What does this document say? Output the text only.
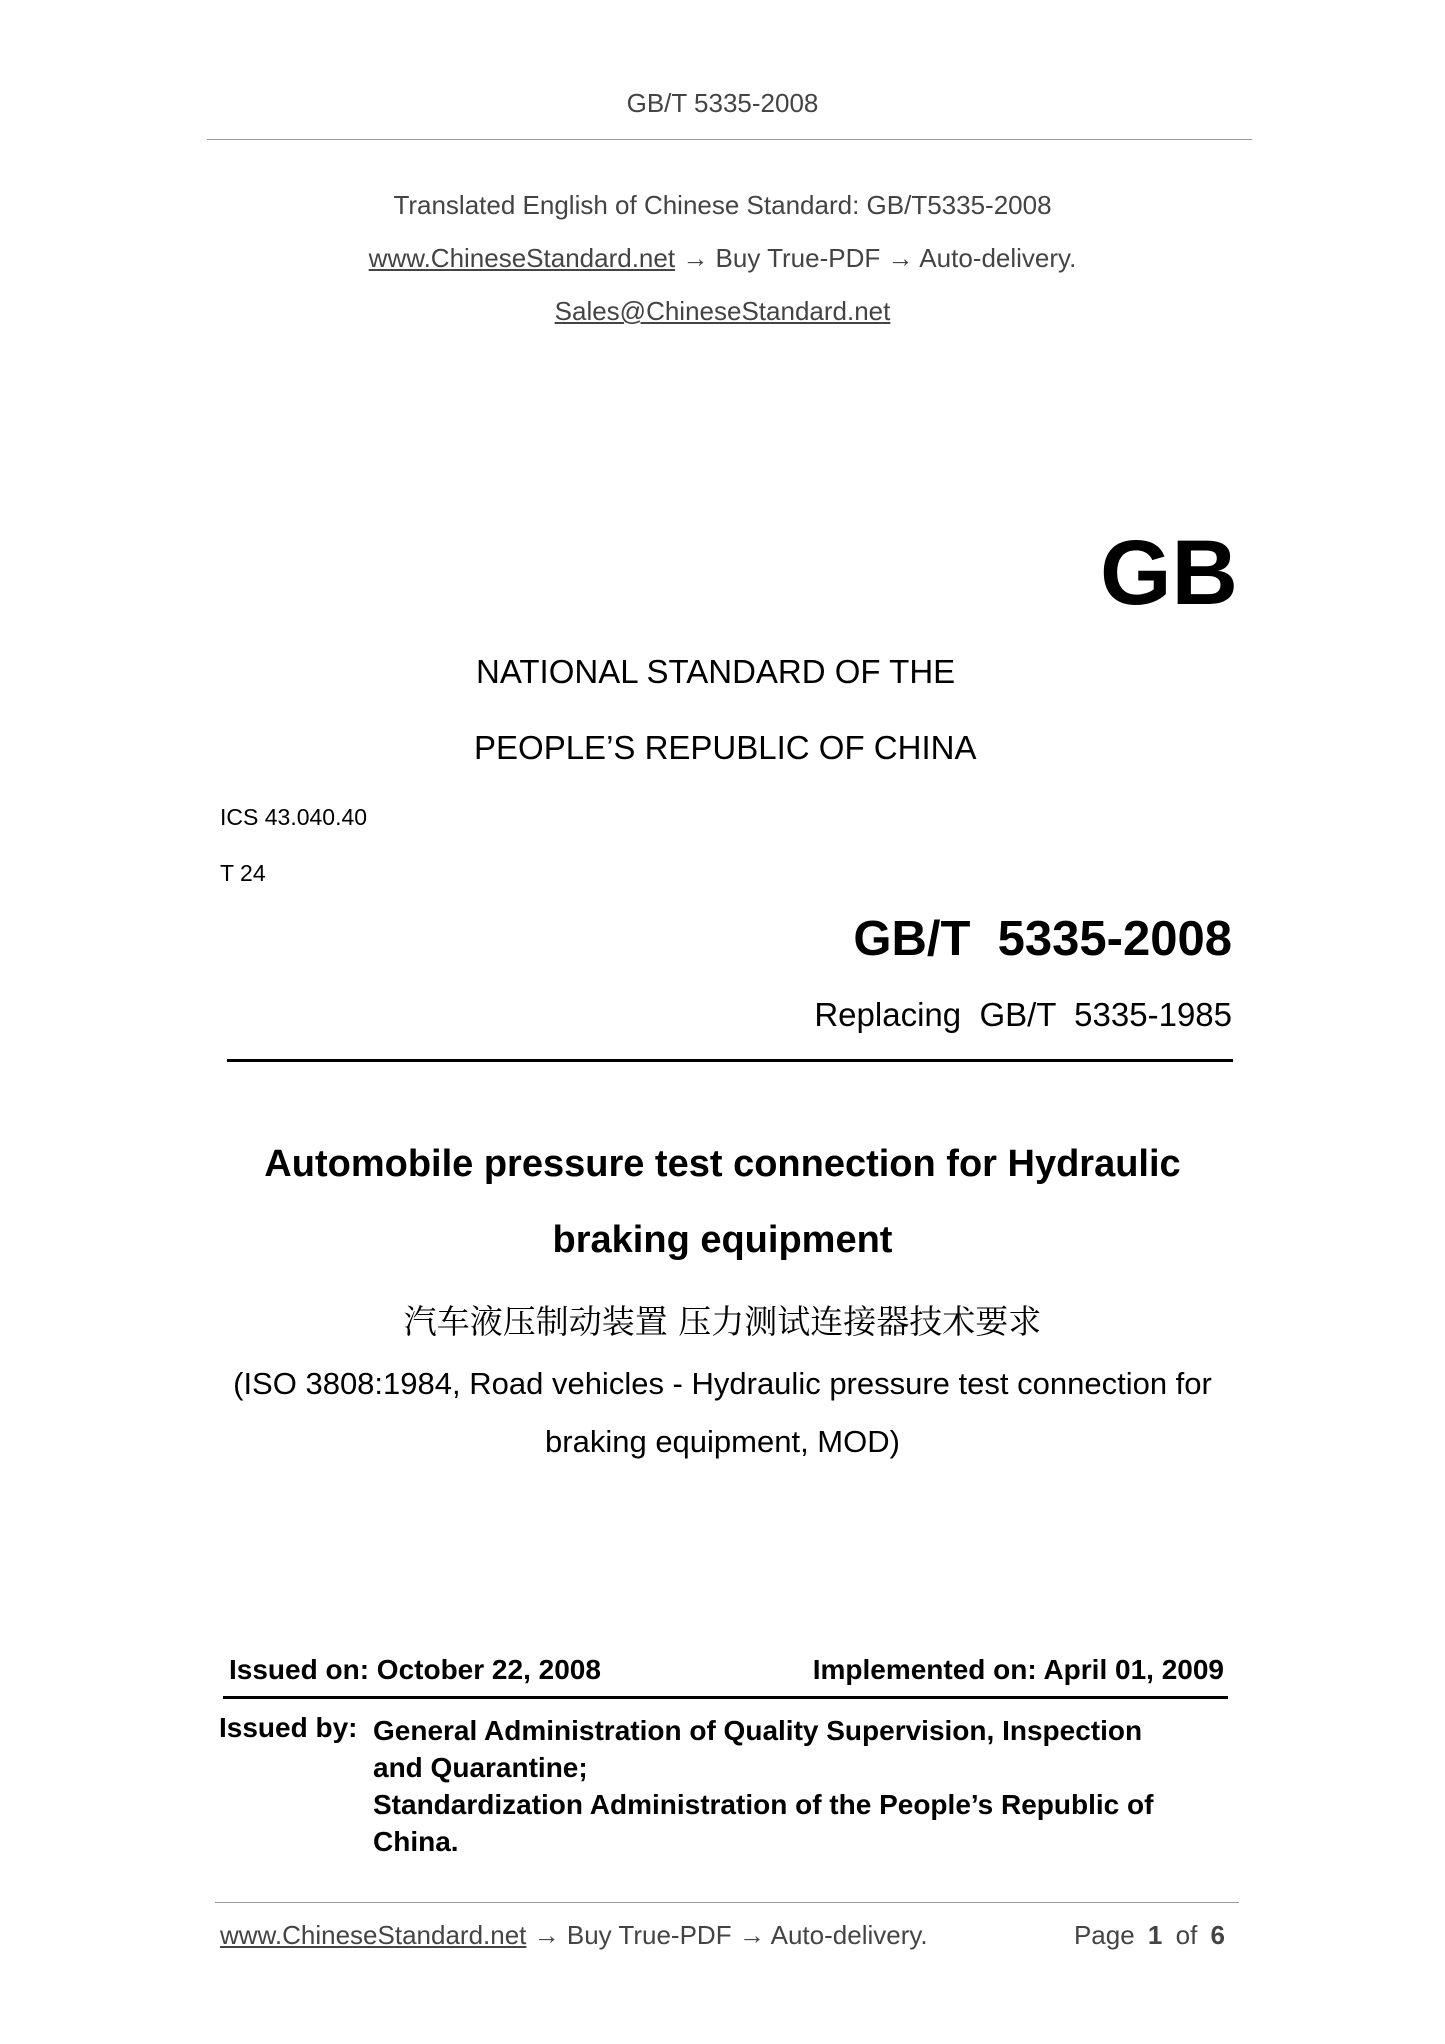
GB/T 5335-2008
Translated English of Chinese Standard: GB/T5335-2008
www.ChineseStandard.net → Buy True-PDF → Auto-delivery.
Sales@ChineseStandard.net
GB
NATIONAL STANDARD OF THE
PEOPLE’S REPUBLIC OF CHINA
ICS 43.040.40
T 24
GB/T  5335-2008
Replacing  GB/T  5335-1985
Automobile pressure test connection for Hydraulic
braking equipment
汽车液压制动装置 压力测试连接器技术要求
(ISO 3808:1984, Road vehicles - Hydraulic pressure test connection for
braking equipment, MOD)
Issued on: October 22, 2008	Implemented on: April 01, 2009
Issued by: General Administration of Quality Supervision, Inspection
and Quarantine;
Standardization Administration of the People’s Republic of
China.
www.ChineseStandard.net → Buy True-PDF → Auto-delivery.	Page 1 of 6
